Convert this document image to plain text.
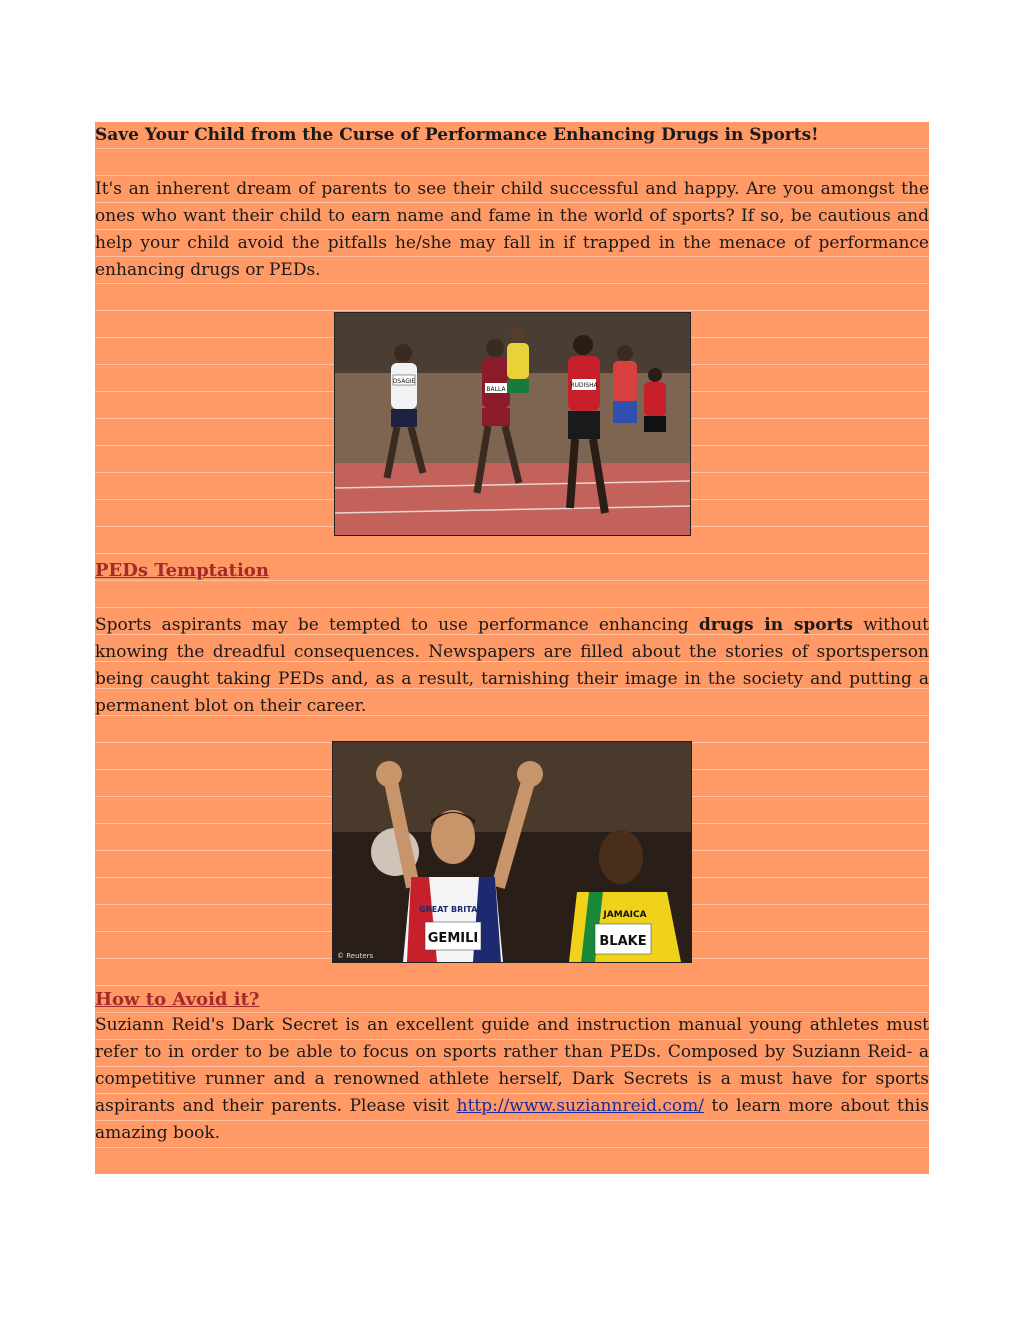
Save Your Child from the Curse of Performance Enhancing Drugs in Sports!

It's an inherent dream of parents to see their child successful and happy. Are you amongst the ones who want their child to earn name and fame in the world of sports? If so, be cautious and help your child avoid the pitfalls he/she may fall in if trapped in the menace of performance enhancing drugs or PEDs.

OSAGIE
BALLA
RUDISHA

PEDs Temptation

Sports aspirants may be tempted to use performance enhancing drugs in sports without knowing the dreadful consequences. Newspapers are filled about the stories of sportsperson being caught taking PEDs and, as a result, tarnishing their image in the society and putting a permanent blot on their career.

GREAT BRITAIN
GEMILI
JAMAICA
BLAKE
© Reuters

How to Avoid it?

Suziann Reid's Dark Secret is an excellent guide and instruction manual young athletes must refer to in order to be able to focus on sports rather than PEDs. Composed by Suziann Reid- a competitive runner and a renowned athlete herself, Dark Secrets is a must have for sports aspirants and their parents. Please visit http://www.suziannreid.com/ to learn more about this amazing book.
